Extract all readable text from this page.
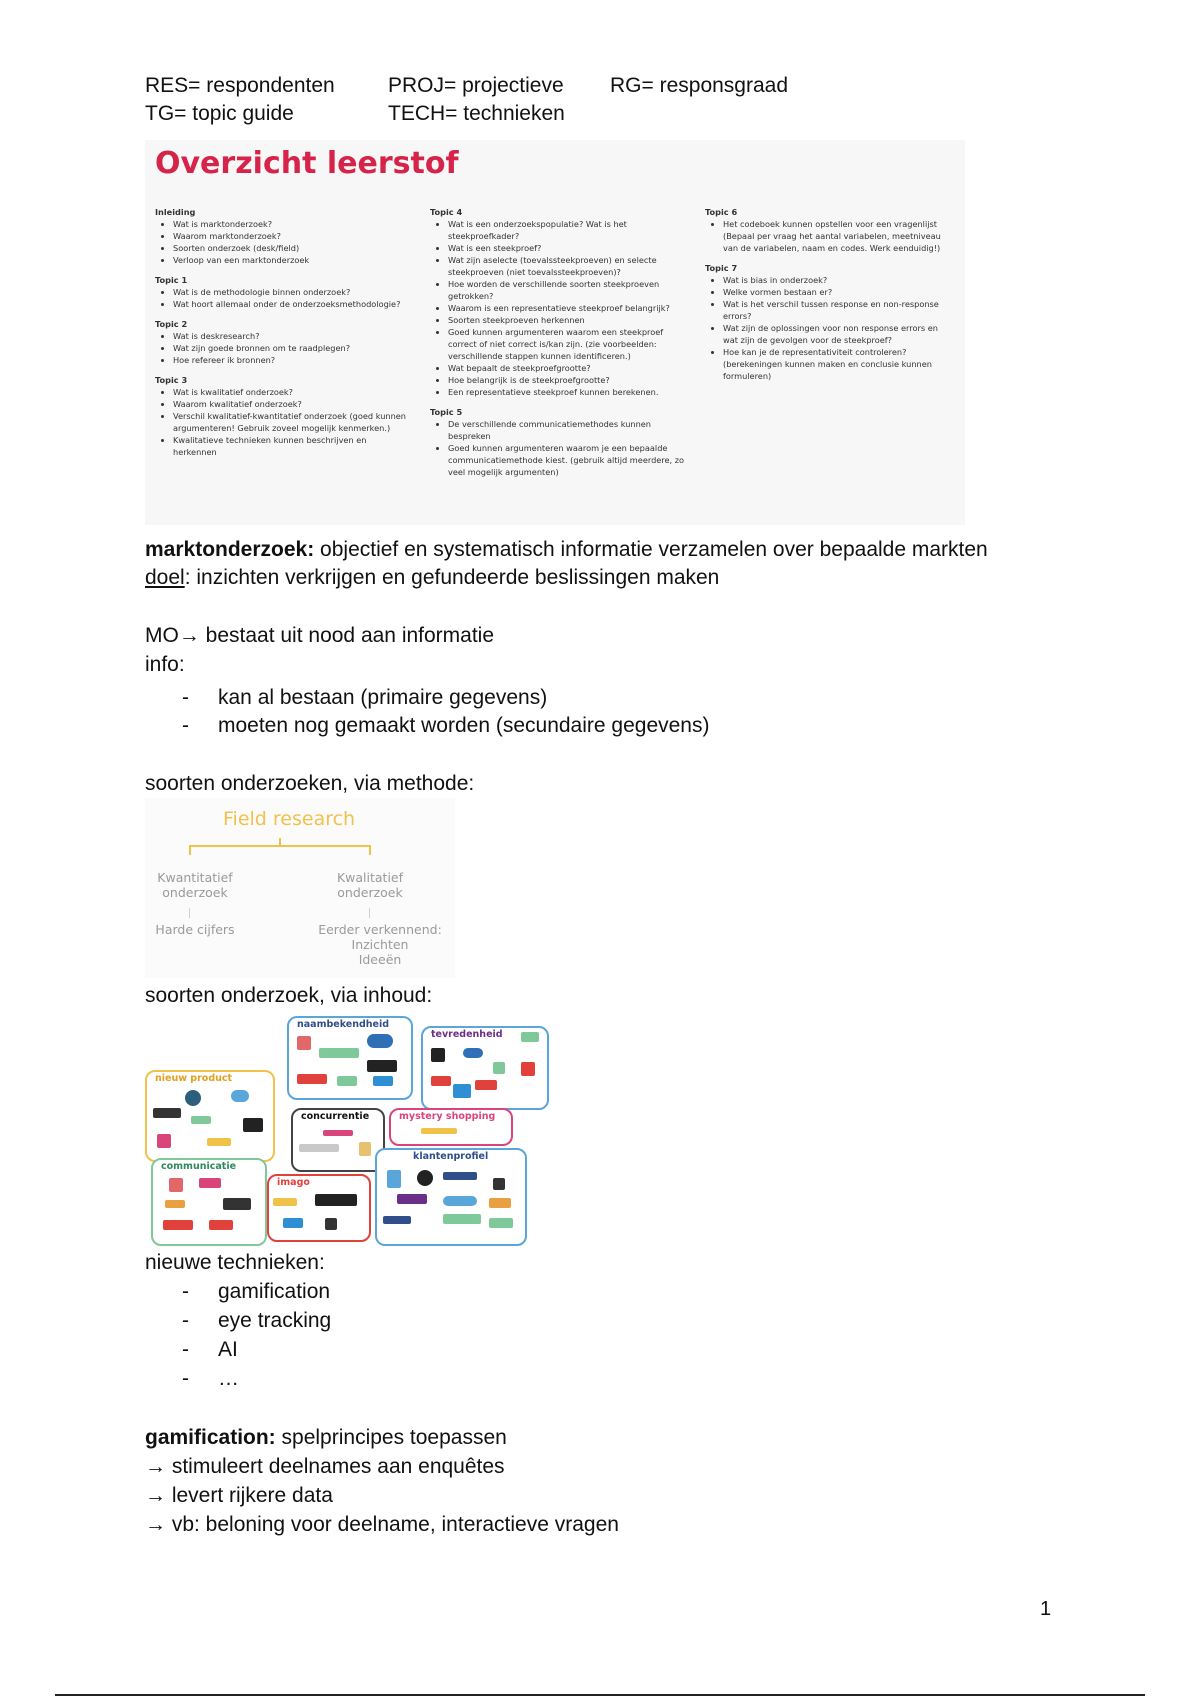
RES= respondenten	PROJ= projectieve RG= responsgraad
TG= topic guide	TECH= technieken
Overzicht leerstof
Inleiding
• Wat is marktonderzoek?
• Waarom marktonderzoek?
• Soorten onderzoek (desk/field)
• Verloop van een marktonderzoek
Topic 1
• Wat is de methodologie binnen onderzoek?
• Wat hoort allemaal onder de onderzoeksmethodologie?
Topic 2
• Wat is deskresearch?
• Wat zijn goede bronnen om te raadplegen?
• Hoe refereer ik bronnen?
Topic 3
• Wat is kwalitatief onderzoek?
• Waarom kwalitatief onderzoek?
• Verschil kwalitatief-kwantitatief onderzoek (goed kunnen argumenteren! Gebruik zoveel mogelijk kenmerken.)
• Kwalitatieve technieken kunnen beschrijven en herkennen
Topic 4
• Wat is een onderzoekspopulatie? Wat is het steekproefkader?
• Wat is een steekproef?
• Wat zijn aselecte (toevalssteekproeven) en selecte steekproeven (niet toevalssteekproeven)?
• Hoe worden de verschillende soorten steekproeven getrokken?
• Waarom is een representatieve steekproef belangrijk?
• Soorten steekproeven herkennen
• Goed kunnen argumenteren waarom een steekproef correct of niet correct is/kan zijn. (zie voorbeelden: verschillende stappen kunnen identificeren.)
• Wat bepaalt de steekproefgrootte?
• Hoe belangrijk is de steekproefgrootte?
• Een representatieve steekproef kunnen berekenen.
Topic 5
• De verschillende communicatiemethodes kunnen bespreken
• Goed kunnen argumenteren waarom je een bepaalde communicatiemethode kiest. (gebruik altijd meerdere, zo veel mogelijk argumenten)
Topic 6
• Het codeboek kunnen opstellen voor een vragenlijst (Bepaal per vraag het aantal variabelen, meetniveau van de variabelen, naam en codes. Werk eenduidig!)
Topic 7
• Wat is bias in onderzoek?
• Welke vormen bestaan er?
• Wat is het verschil tussen response en non-response errors?
• Wat zijn de oplossingen voor non response errors en wat zijn de gevolgen voor de steekproef?
• Hoe kan je de representativiteit controleren? (berekeningen kunnen maken en conclusie kunnen formuleren)
marktonderzoek: objectief en systematisch informatie verzamelen over bepaalde markten
doel: inzichten verkrijgen en gefundeerde beslissingen maken
MO→ bestaat uit nood aan informatie
info:
- kan al bestaan (primaire gegevens)
- moeten nog gemaakt worden (secundaire gegevens)
soorten onderzoeken, via methode:
Field research
Kwantitatief
onderzoek
Kwalitatief
onderzoek
Harde cijfers	Eerder verkennend:
Inzichten
Ideeën
soorten onderzoek, via inhoud:
naambekendheid
tevredenheid
nieuw product
concurrentie	mystery shopping
communicatie
imago
klantenprofiel
nieuwe technieken:
- gamification
- eye tracking
- AI
- …
gamification: spelprincipes toepassen
→ stimuleert deelnames aan enquêtes
→ levert rijkere data
→ vb: beloning voor deelname, interactieve vragen
1
